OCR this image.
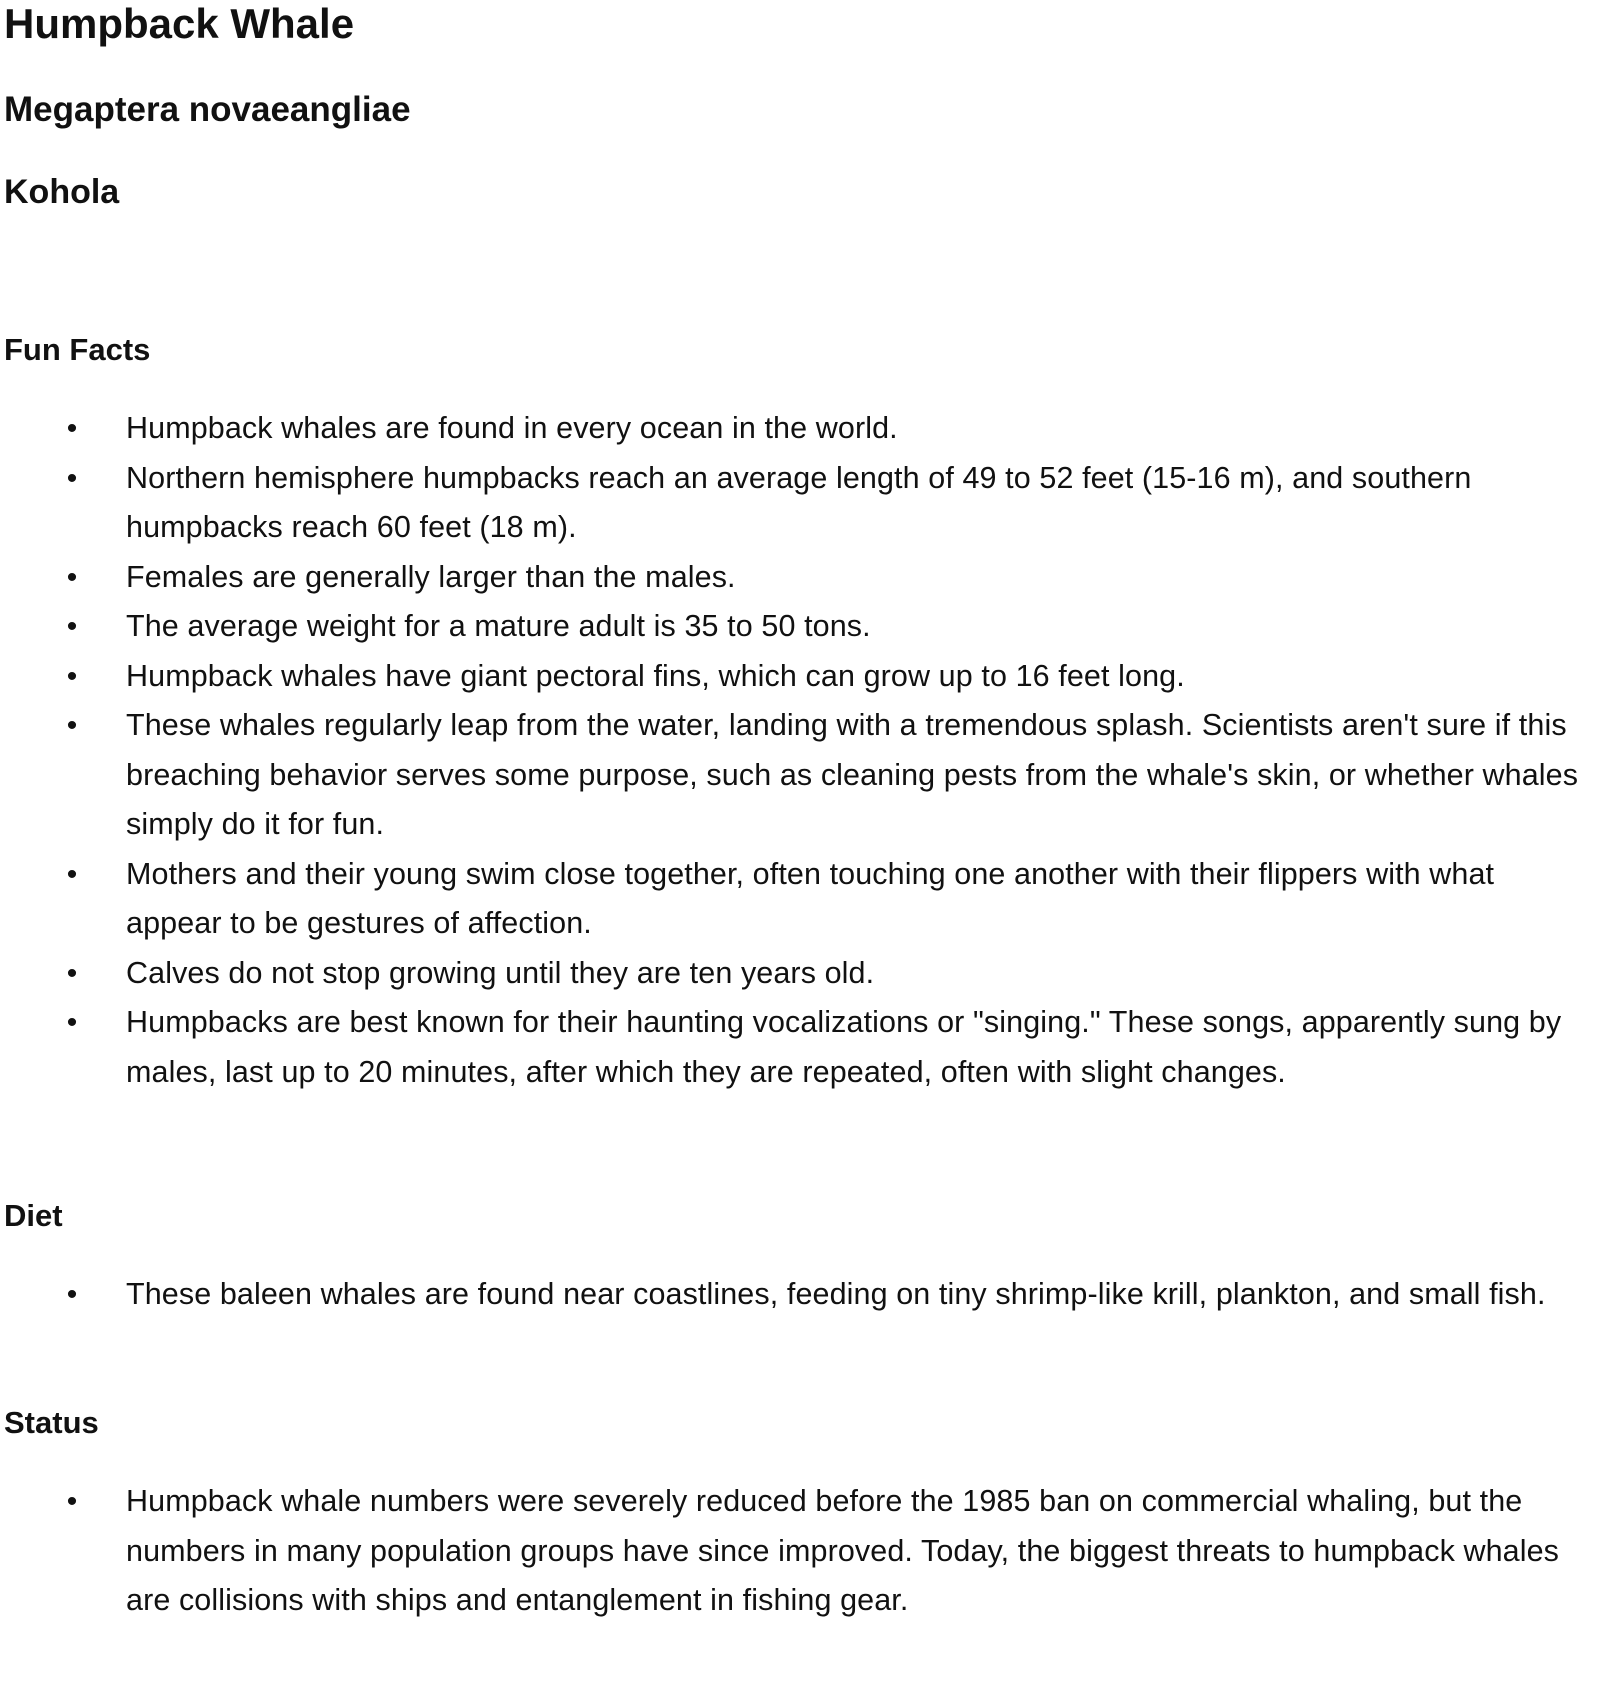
Humpback Whale
Megaptera novaeangliae
Kohola
Fun Facts
• Humpback whales are found in every ocean in the world.
• Northern hemisphere humpbacks reach an average length of 49 to 52 feet (15-16 m), and southern humpbacks reach 60 feet (18 m).
• Females are generally larger than the males.
• The average weight for a mature adult is 35 to 50 tons.
• Humpback whales have giant pectoral fins, which can grow up to 16 feet long.
• These whales regularly leap from the water, landing with a tremendous splash. Scientists aren't sure if this breaching behavior serves some purpose, such as cleaning pests from the whale's skin, or whether whales simply do it for fun.
• Mothers and their young swim close together, often touching one another with their flippers with what appear to be gestures of affection.
• Calves do not stop growing until they are ten years old.
• Humpbacks are best known for their haunting vocalizations or "singing." These songs, apparently sung by males, last up to 20 minutes, after which they are repeated, often with slight changes.
Diet
• These baleen whales are found near coastlines, feeding on tiny shrimp-like krill, plankton, and small fish.
Status
• Humpback whale numbers were severely reduced before the 1985 ban on commercial whaling, but the numbers in many population groups have since improved. Today, the biggest threats to humpback whales are collisions with ships and entanglement in fishing gear.
